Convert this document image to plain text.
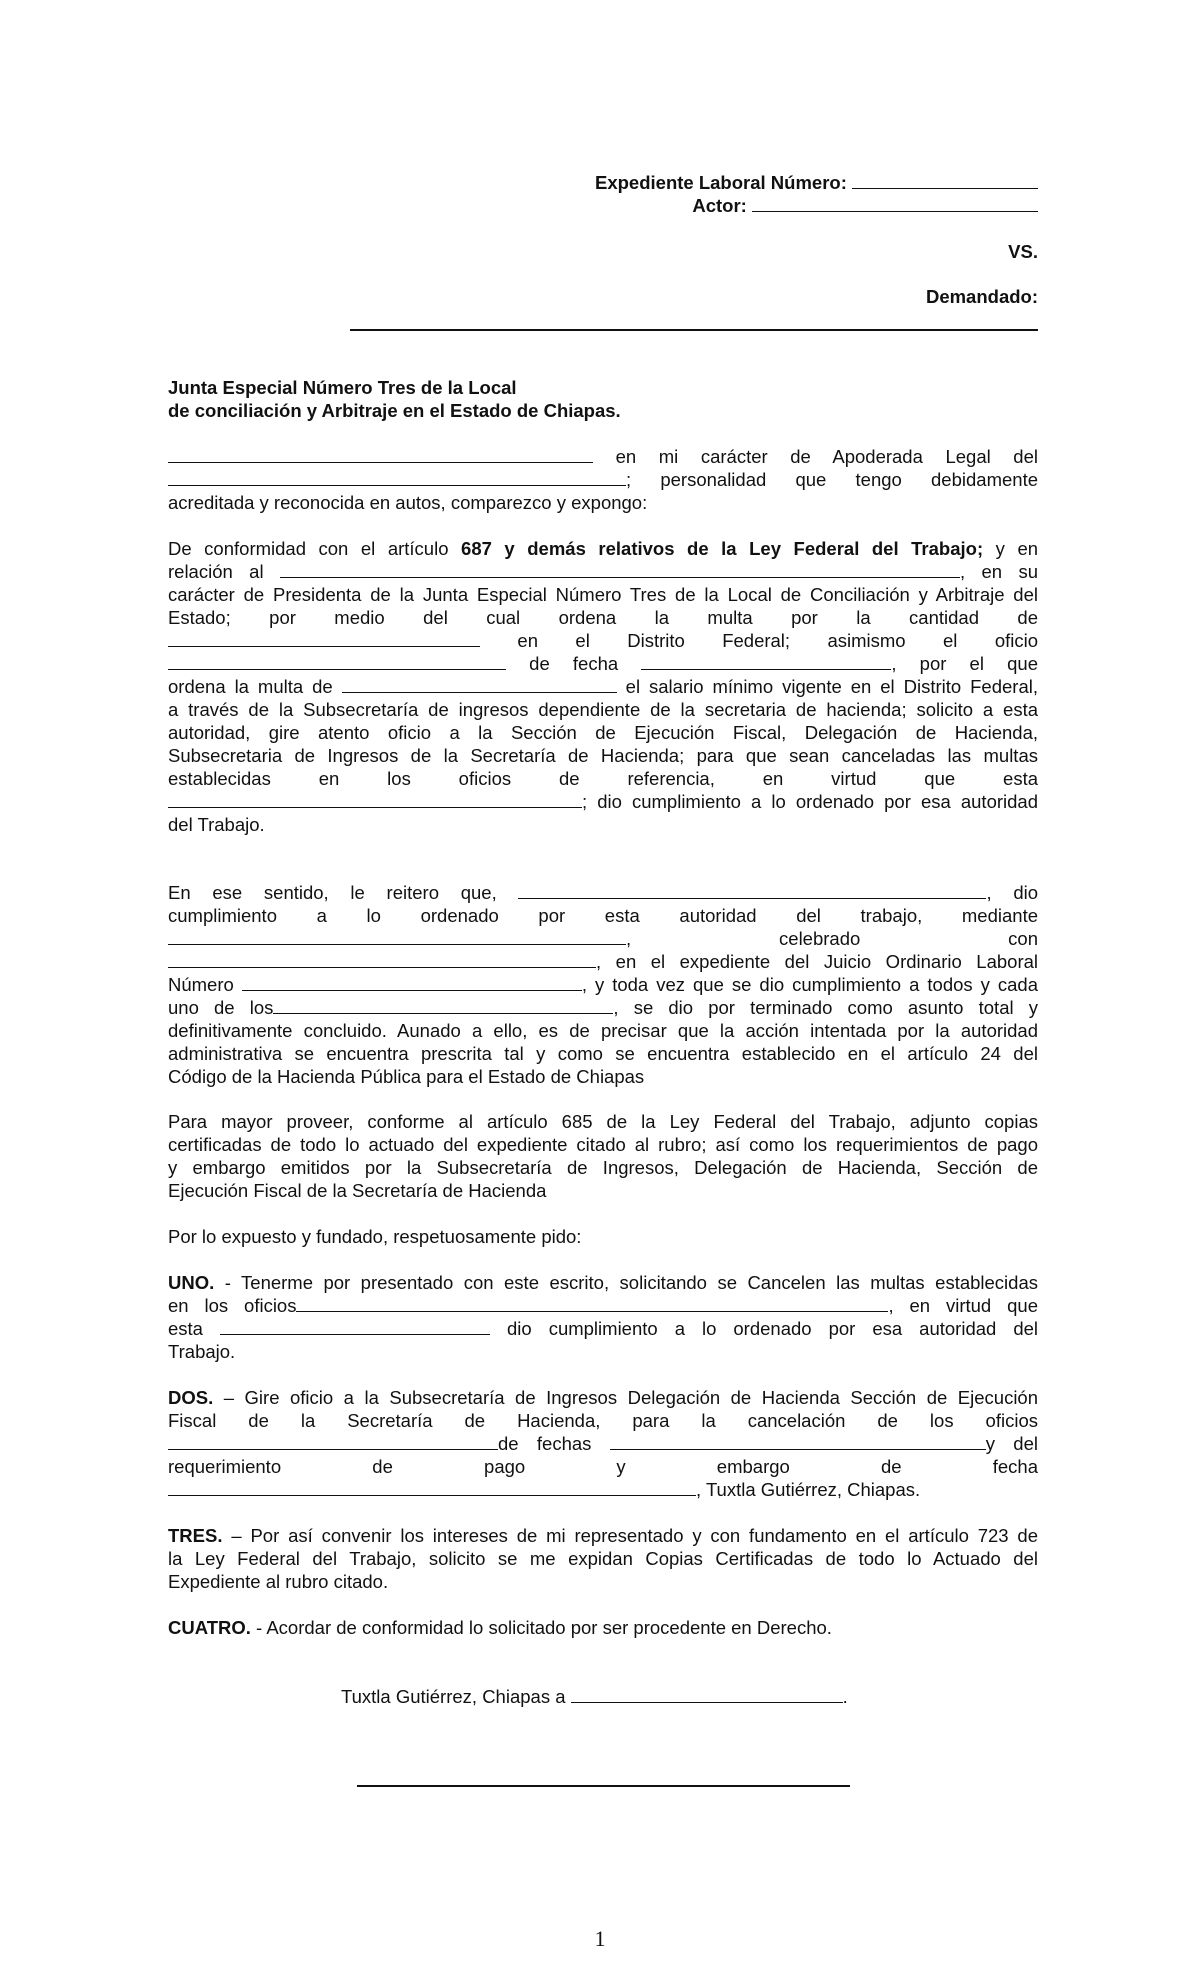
Expediente Laboral Número:
Actor:
VS.
Demandado:
Junta Especial Número Tres de la Local
de conciliación y Arbitraje en el Estado de Chiapas.
en mi carácter de Apoderada Legal del
; personalidad que tengo debidamente
acreditada y reconocida en autos, comparezco y expongo:
De conformidad con el artículo 687 y demás relativos de la Ley Federal del Trabajo; y en
relación al	, en su
carácter de Presidenta de la Junta Especial Número Tres de la Local de Conciliación y Arbitraje del
Estado; por medio del cual ordena la multa por la cantidad de
en el Distrito Federal; asimismo el oficio
de fecha	, por el que
ordena la multa de	el salario mínimo vigente en el Distrito Federal,
a través de la Subsecretaría de ingresos dependiente de la secretaria de hacienda; solicito a esta
autoridad, gire atento oficio a la Sección de Ejecución Fiscal, Delegación de Hacienda,
Subsecretaria de Ingresos de la Secretaría de Hacienda; para que sean canceladas las multas
establecidas en los oficios de referencia, en virtud que esta
; dio cumplimiento a lo ordenado por esa autoridad
del Trabajo.
En ese sentido, le reitero que,	, dio
cumplimiento a lo ordenado por esta autoridad del trabajo, mediante
,	celebrado con
, en el expediente del Juicio Ordinario Laboral
Número	, y toda vez que se dio cumplimiento a todos y cada
uno de los	, se dio por terminado como asunto total y
definitivamente concluido. Aunado a ello, es de precisar que la acción intentada por la autoridad
administrativa se encuentra prescrita tal y como se encuentra establecido en el artículo 24 del
Código de la Hacienda Pública para el Estado de Chiapas
Para mayor proveer, conforme al artículo 685 de la Ley Federal del Trabajo, adjunto copias
certificadas de todo lo actuado del expediente citado al rubro; así como los requerimientos de pago
y embargo emitidos por la Subsecretaría de Ingresos, Delegación de Hacienda, Sección de
Ejecución Fiscal de la Secretaría de Hacienda
Por lo expuesto y fundado, respetuosamente pido:
UNO. - Tenerme por presentado con este escrito, solicitando se Cancelen las multas establecidas
en los oficios	, en virtud que
esta	dio cumplimiento a lo ordenado por esa autoridad del
Trabajo.
DOS. – Gire oficio a la Subsecretaría de Ingresos Delegación de Hacienda Sección de Ejecución
Fiscal de la Secretaría de Hacienda, para la cancelación de los oficios
de fechas	y del
requerimiento de pago y embargo de fecha
, Tuxtla Gutiérrez, Chiapas.
TRES. – Por así convenir los intereses de mi representado y con fundamento en el artículo 723 de
la Ley Federal del Trabajo, solicito se me expidan Copias Certificadas de todo lo Actuado del
Expediente al rubro citado.
CUATRO. - Acordar de conformidad lo solicitado por ser procedente en Derecho.
Tuxtla Gutiérrez, Chiapas a	.
1
